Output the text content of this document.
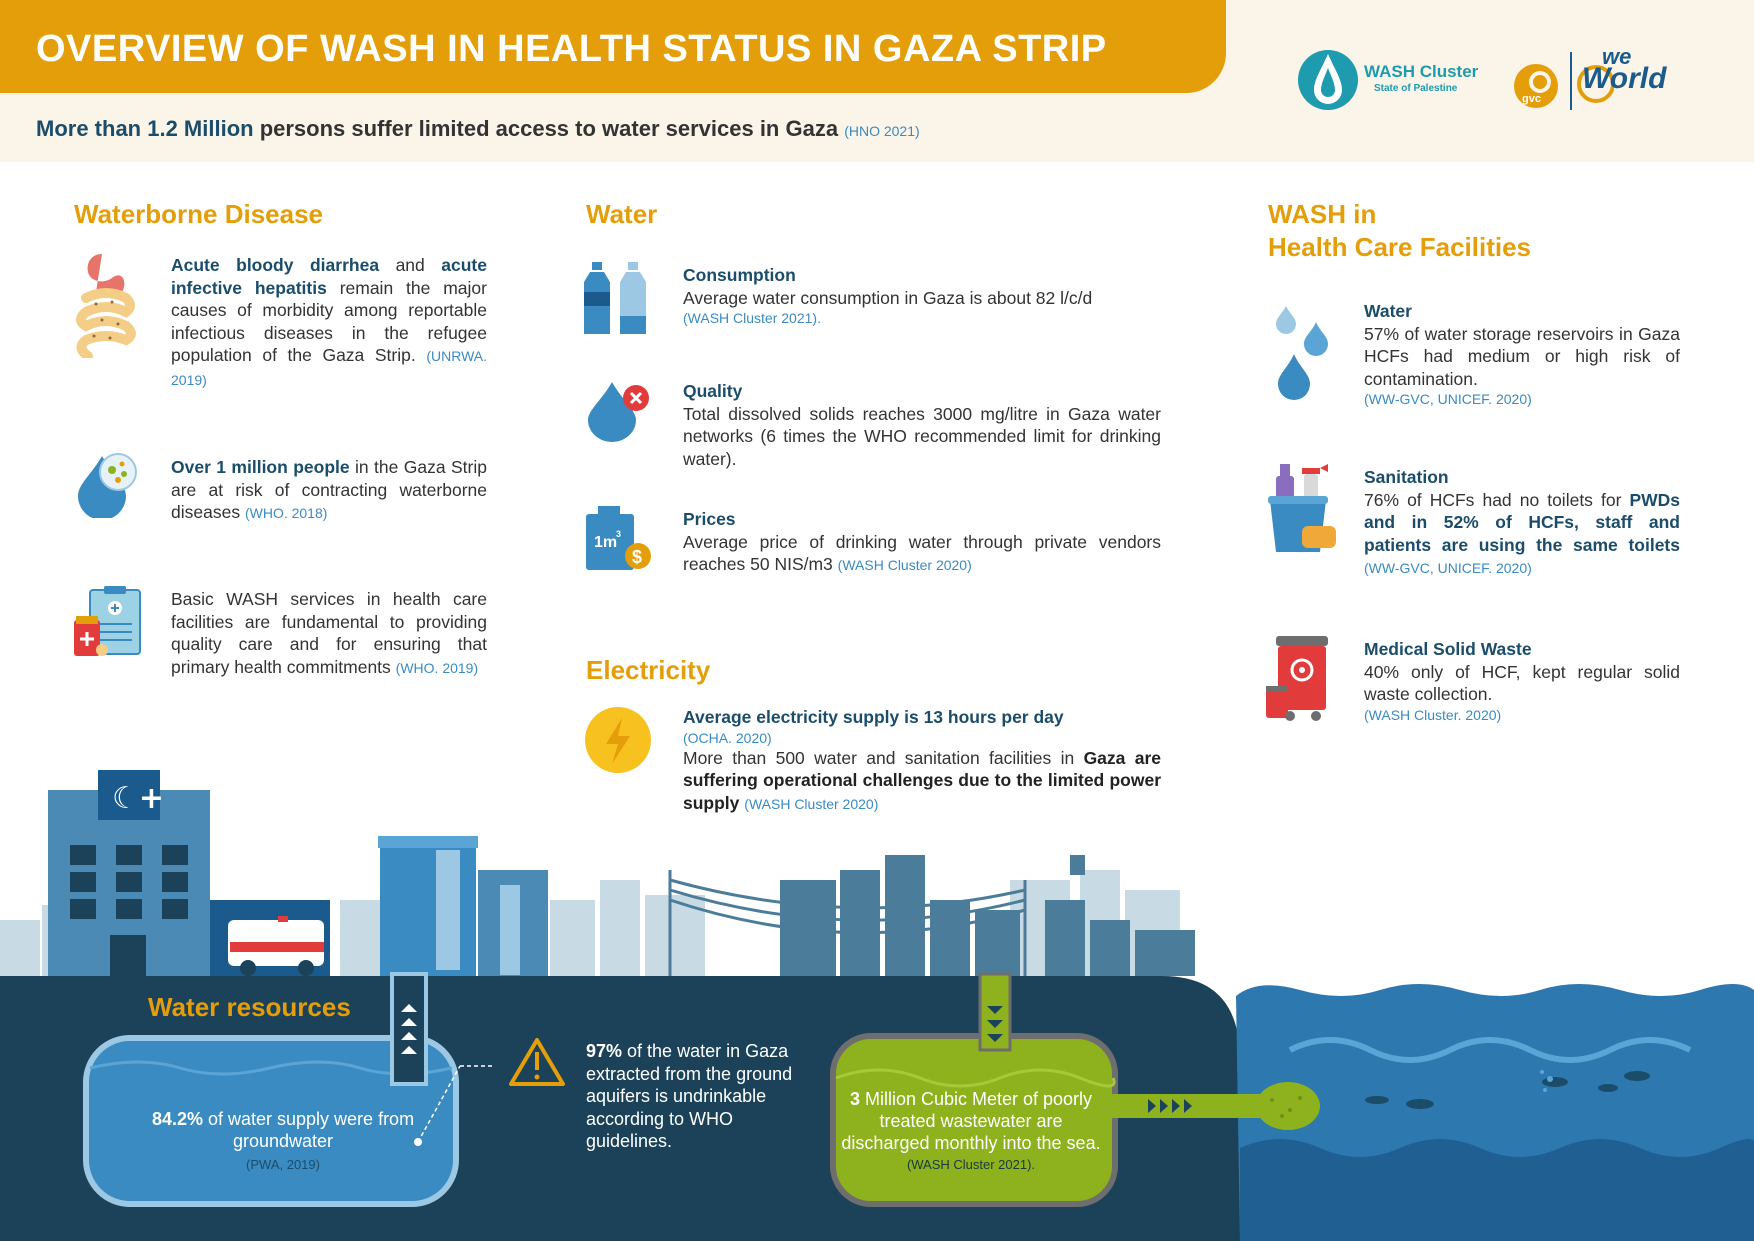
OVERVIEW OF WASH IN HEALTH STATUS IN GAZA STRIP
More than 1.2 Million persons suffer limited access to water services in Gaza (HNO 2021)
WASH Cluster
State of Palestine
gvc
we
World
☾+
Waterborne Disease
Acute bloody diarrhea and acute infective hepatitis remain the major causes of morbidity among reportable infectious diseases in the refugee population of the Gaza Strip. (UNRWA. 2019)
Over 1 million people in the Gaza Strip are at risk of contracting waterborne diseases (WHO. 2018)
Basic WASH services in health care facilities are fundamental to providing quality care and for ensuring that primary health commitments (WHO. 2019)
Water
Consumption
Average water consumption in Gaza is about 82 l/c/d
(WASH Cluster 2021).
Quality
Total dissolved solids reaches 3000 mg/litre in Gaza water networks (6 times the WHO recommended limit for drinking water).
1m
3
$
Prices
Average price of drinking water through private vendors reaches 50 NIS/m3 (WASH Cluster 2020)
Electricity
Average electricity supply is 13 hours per day
(OCHA. 2020)
More than 500 water and sanitation facilities in Gaza are suffering operational challenges due to the limited power supply (WASH Cluster 2020)
WASH in
Health Care Facilities
Water
57% of water storage reservoirs in Gaza HCFs had medium or high risk of contamination.
(WW-GVC, UNICEF. 2020)
Sanitation
76% of HCFs had no toilets for PWDs and in 52% of HCFs, staff and patients are using the same toilets (WW-GVC, UNICEF. 2020)
Medical Solid Waste
40% only of HCF, kept regular solid waste collection.
(WASH Cluster. 2020)
Water resources
84.2% of water supply were from groundwater
(PWA, 2019)
97% of the water in Gaza extracted from the ground aquifers is undrinkable according to WHO guidelines.
3 Million Cubic Meter of poorly treated wastewater are discharged monthly into the sea.
(WASH Cluster 2021).
